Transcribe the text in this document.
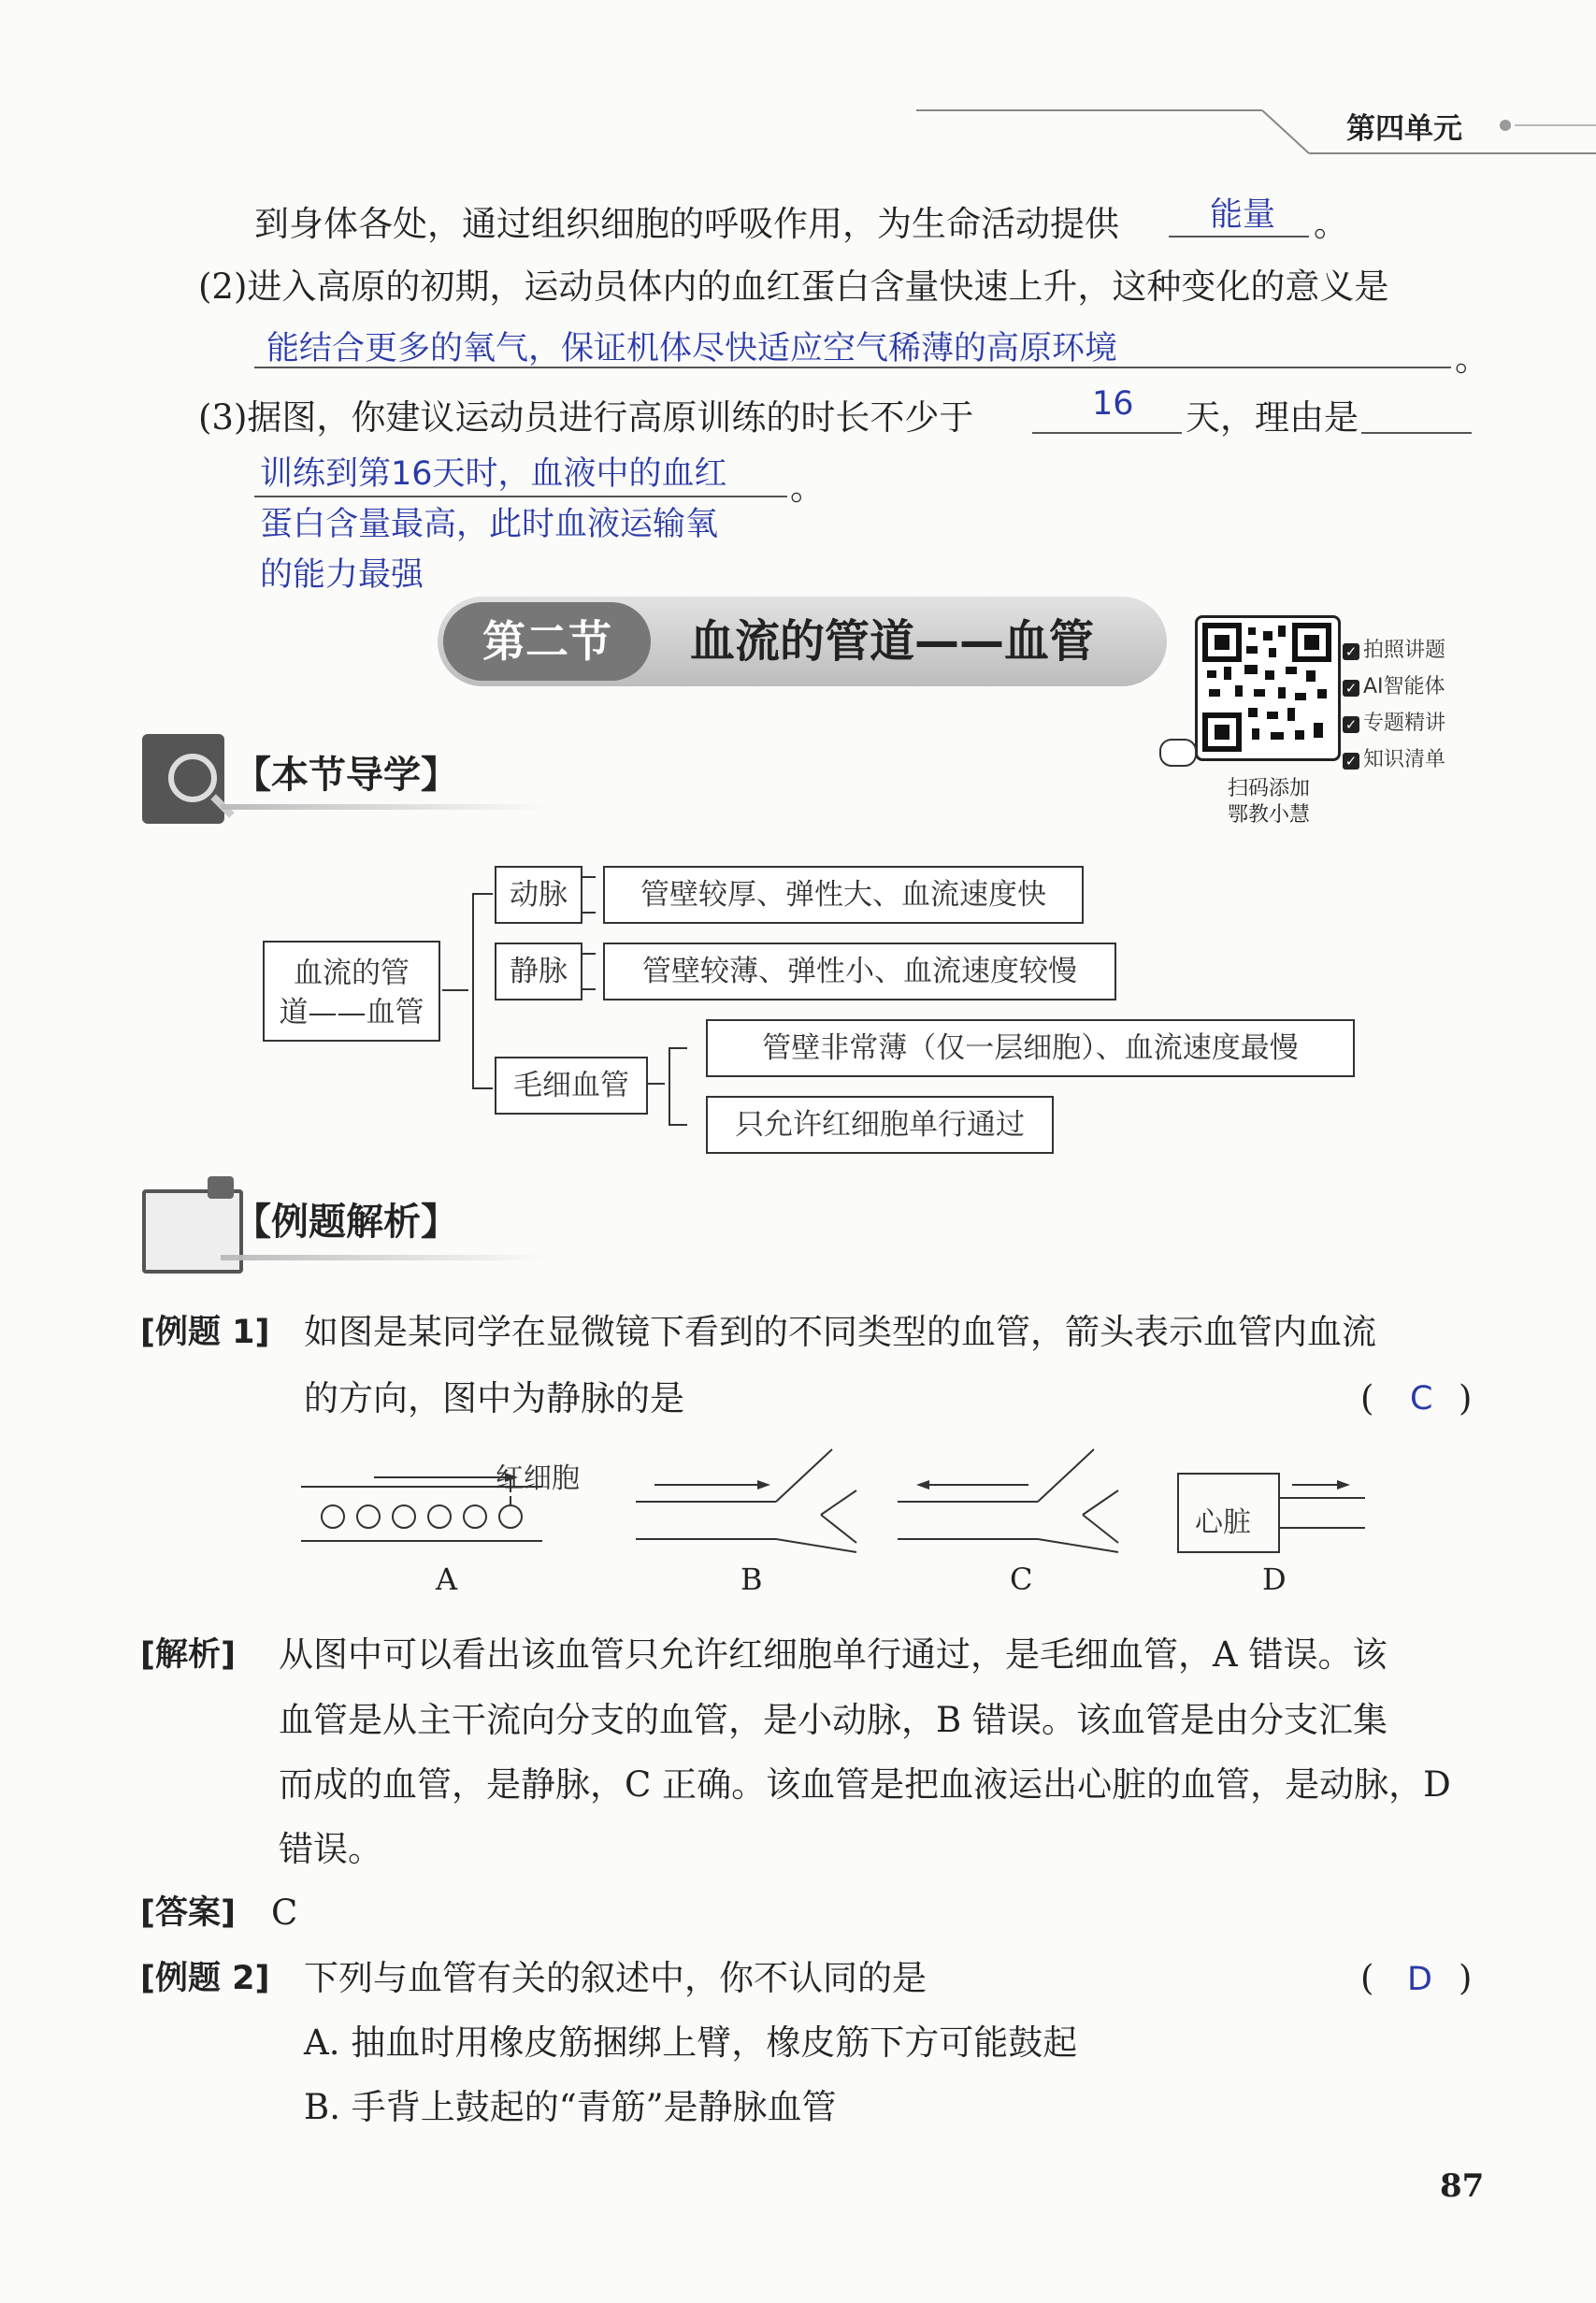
第四单元
到身体各处，通过组织细胞的呼吸作用，为生命活动提供	能量 。
(2)进入高原的初期，运动员体内的血红蛋白含量快速上升，这种变化的意义是
能结合更多的氧气，保证机体尽快适应空气稀薄的高原环境	。
(3)据图，你建议运动员进行高原训练的时长不少于	16 天，理由是
训练到第16天时，血液中的血红
蛋白含量最高，此时血液运输氧
的能力最强
。
第二节	血流的管道——血管	✓ 拍照讲题
✓ AI智能体
✓ 专题精讲
✓ 知识清单
扫码添加
鄂教小慧
【本节导学】
血流的管
道——血管
动脉
静脉
毛细血管
管壁较厚、弹性大、血流速度快
管壁较薄、弹性小、血流速度较慢
管壁非常薄（仅一层细胞）、血流速度最慢
只允许红细胞单行通过
【例题解析】
[例题 1] 如图是某同学在显微镜下看到的不同类型的血管，箭头表示血管内血流
的方向，图中为静脉的是	( C )
红细胞
心脏
A	B	C	D
[解析] 从图中可以看出该血管只允许红细胞单行通过，是毛细血管，A 错误。该
血管是从主干流向分支的血管，是小动脉，B 错误。该血管是由分支汇集
而成的血管，是静脉，C 正确。该血管是把血液运出心脏的血管，是动脉，D
错误。
[答案] C
[例题 2] 下列与血管有关的叙述中，你不认同的是	( D )
A. 抽血时用橡皮筋捆绑上臂，橡皮筋下方可能鼓起
B. 手背上鼓起的“青筋”是静脉血管
87
